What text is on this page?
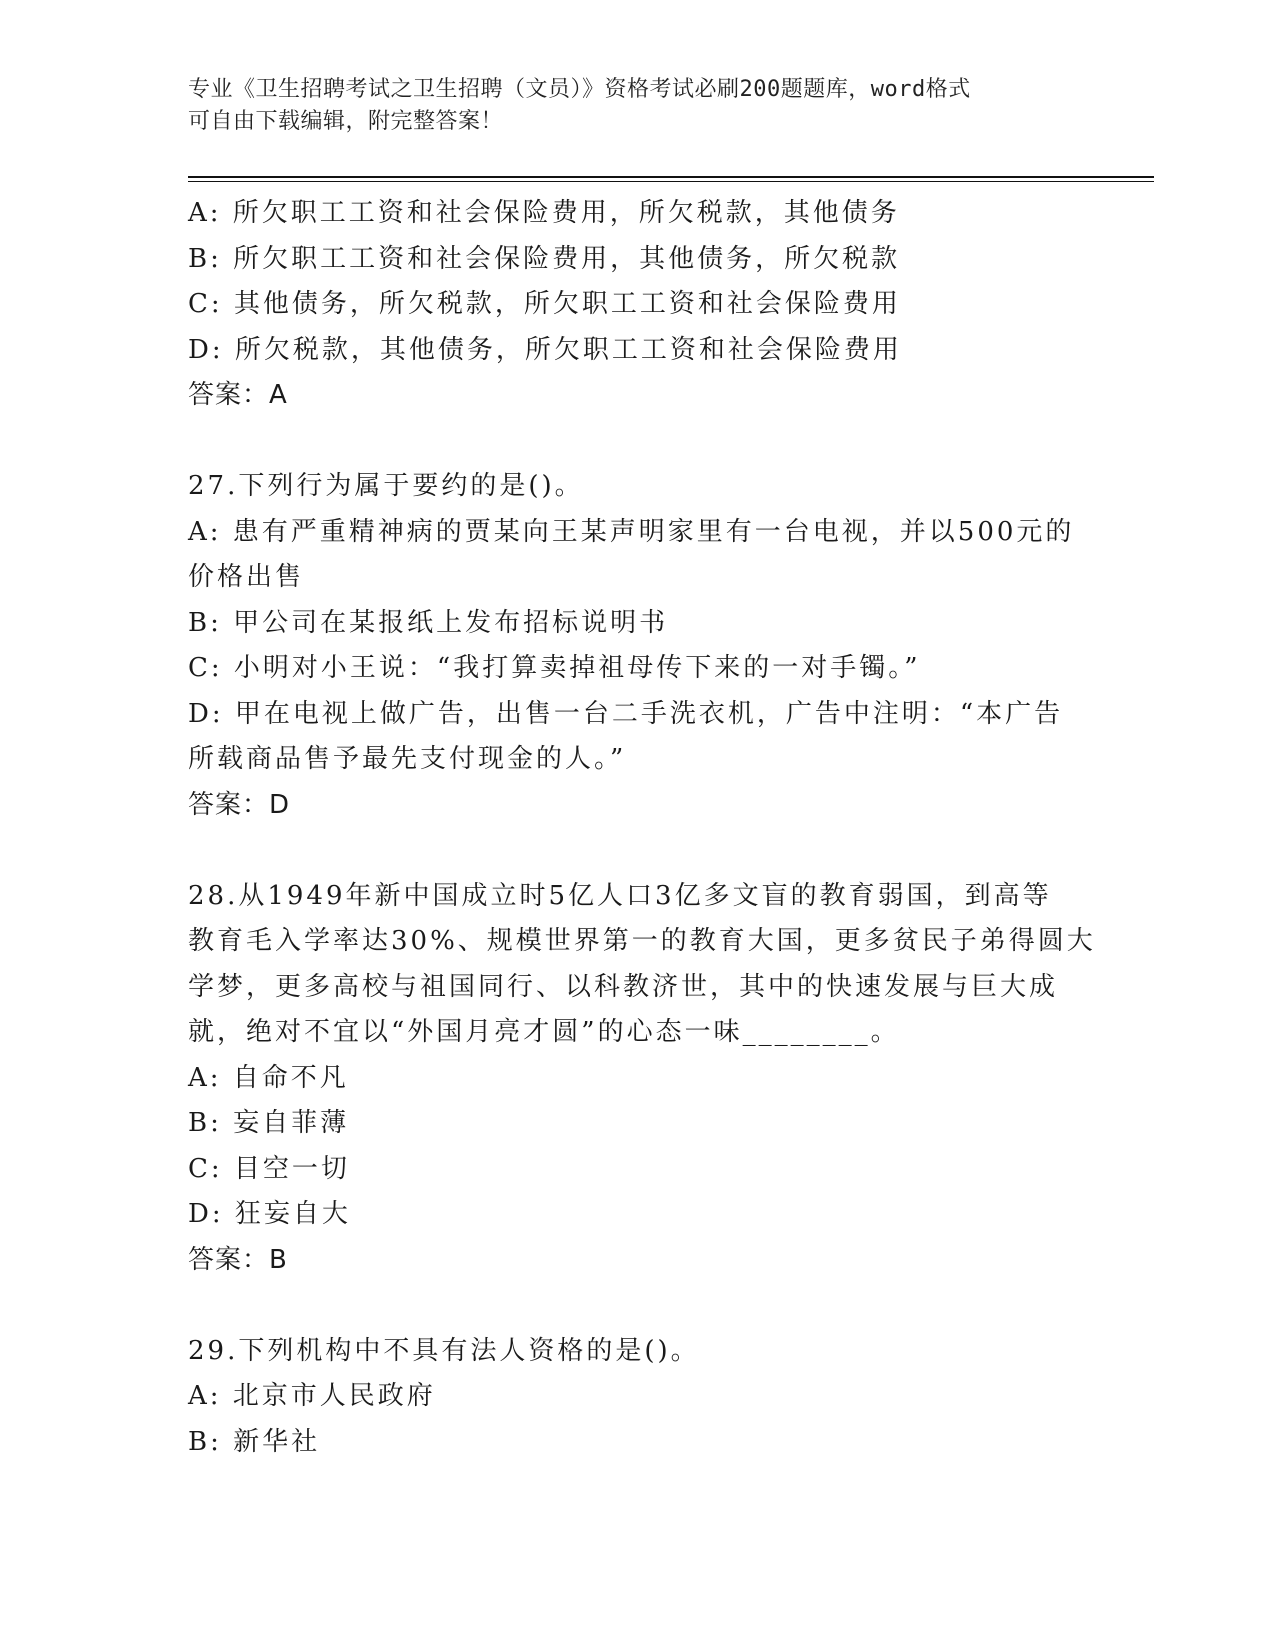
专业《卫生招聘考试之卫生招聘（文员）》资格考试必刷200题题库，word格式
可自由下载编辑，附完整答案！
A: 所欠职工工资和社会保险费用，所欠税款，其他债务
B: 所欠职工工资和社会保险费用，其他债务，所欠税款
C: 其他债务，所欠税款，所欠职工工资和社会保险费用
D: 所欠税款，其他债务，所欠职工工资和社会保险费用
答案：A
27.下列行为属于要约的是()。
A: 患有严重精神病的贾某向王某声明家里有一台电视，并以500元的
价格出售
B: 甲公司在某报纸上发布招标说明书
C: 小明对小王说：“我打算卖掉祖母传下来的一对手镯。”
D: 甲在电视上做广告，出售一台二手洗衣机，广告中注明：“本广告
所载商品售予最先支付现金的人。”
答案：D
28.从1949年新中国成立时5亿人口3亿多文盲的教育弱国，到高等
教育毛入学率达30%、规模世界第一的教育大国，更多贫民子弟得圆大
学梦，更多高校与祖国同行、以科教济世，其中的快速发展与巨大成
就，绝对不宜以“外国月亮才圆”的心态一味________。
A: 自命不凡
B: 妄自菲薄
C: 目空一切
D: 狂妄自大
答案：B
29.下列机构中不具有法人资格的是()。
A: 北京市人民政府
B: 新华社
